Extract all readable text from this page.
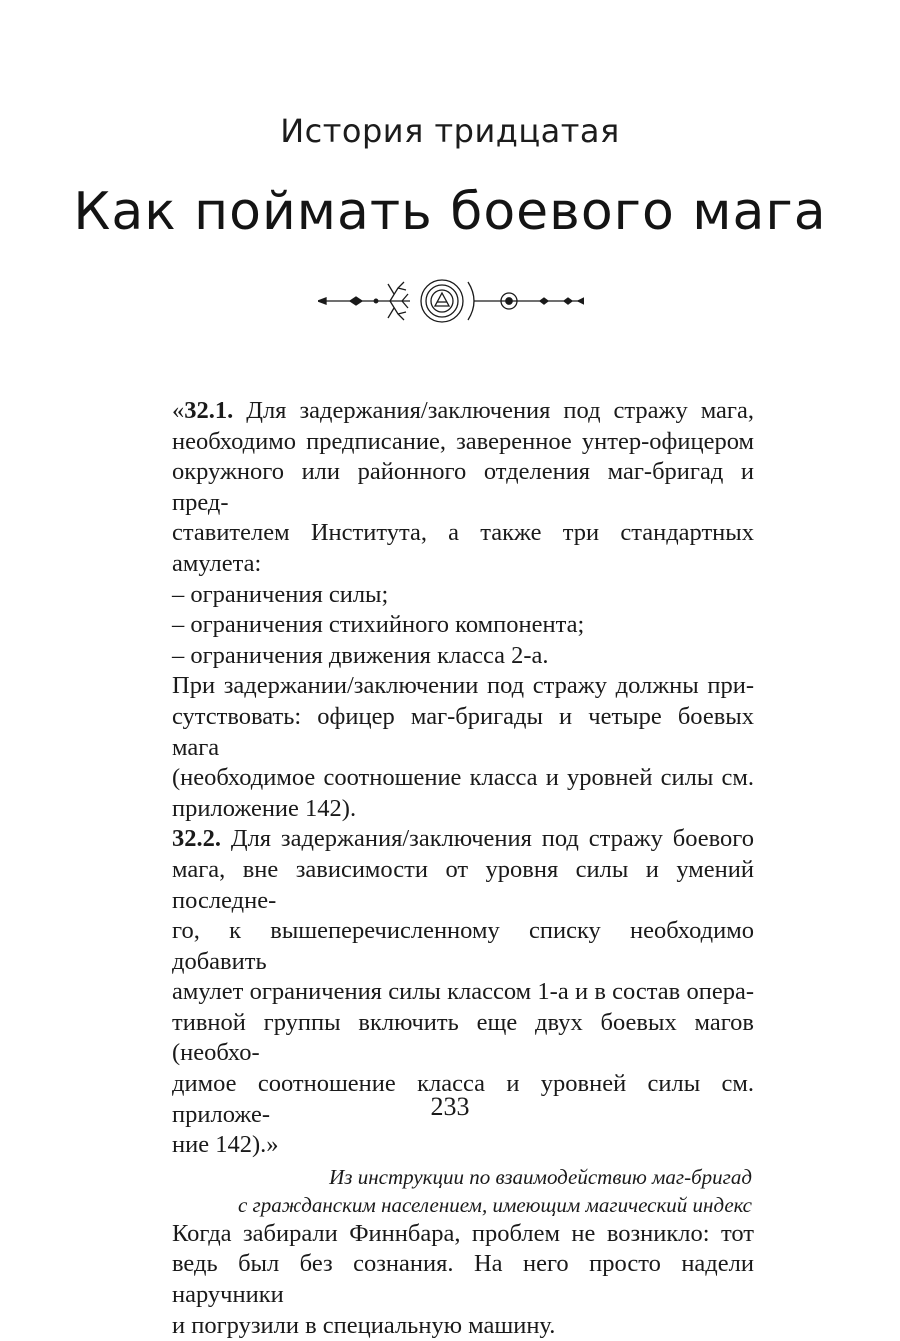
История тридцатая
Как поймать боевого мага

«32.1. Для задержания/заключения под стражу мага,
необходимо предписание, заверенное унтер-офицером
окружного или районного отделения маг-бригад и пред-
ставителем Института, а также три стандартных амулета:

– ограничения силы;

– ограничения стихийного компонента;

– ограничения движения класса 2-а.

При задержании/заключении под стражу должны при-
сутствовать: офицер маг-бригады и четыре боевых мага
(необходимое соотношение класса и уровней силы см.
приложение 142).

32.2. Для задержания/заключения под стражу боевого
мага, вне зависимости от уровня силы и умений последне-
го, к вышеперечисленному списку необходимо добавить
амулет ограничения силы классом 1-а и в состав опера-
тивной группы включить еще двух боевых магов (необхо-
димое соотношение класса и уровней силы см. приложе-
ние 142).»

Из инструкции по взаимодействию маг-бригад
с гражданским населением, имеющим магический индекс

Когда забирали Финнбара, проблем не возникло: тот
ведь был без сознания. На него просто надели наручники
и погрузили в специальную машину.

233
